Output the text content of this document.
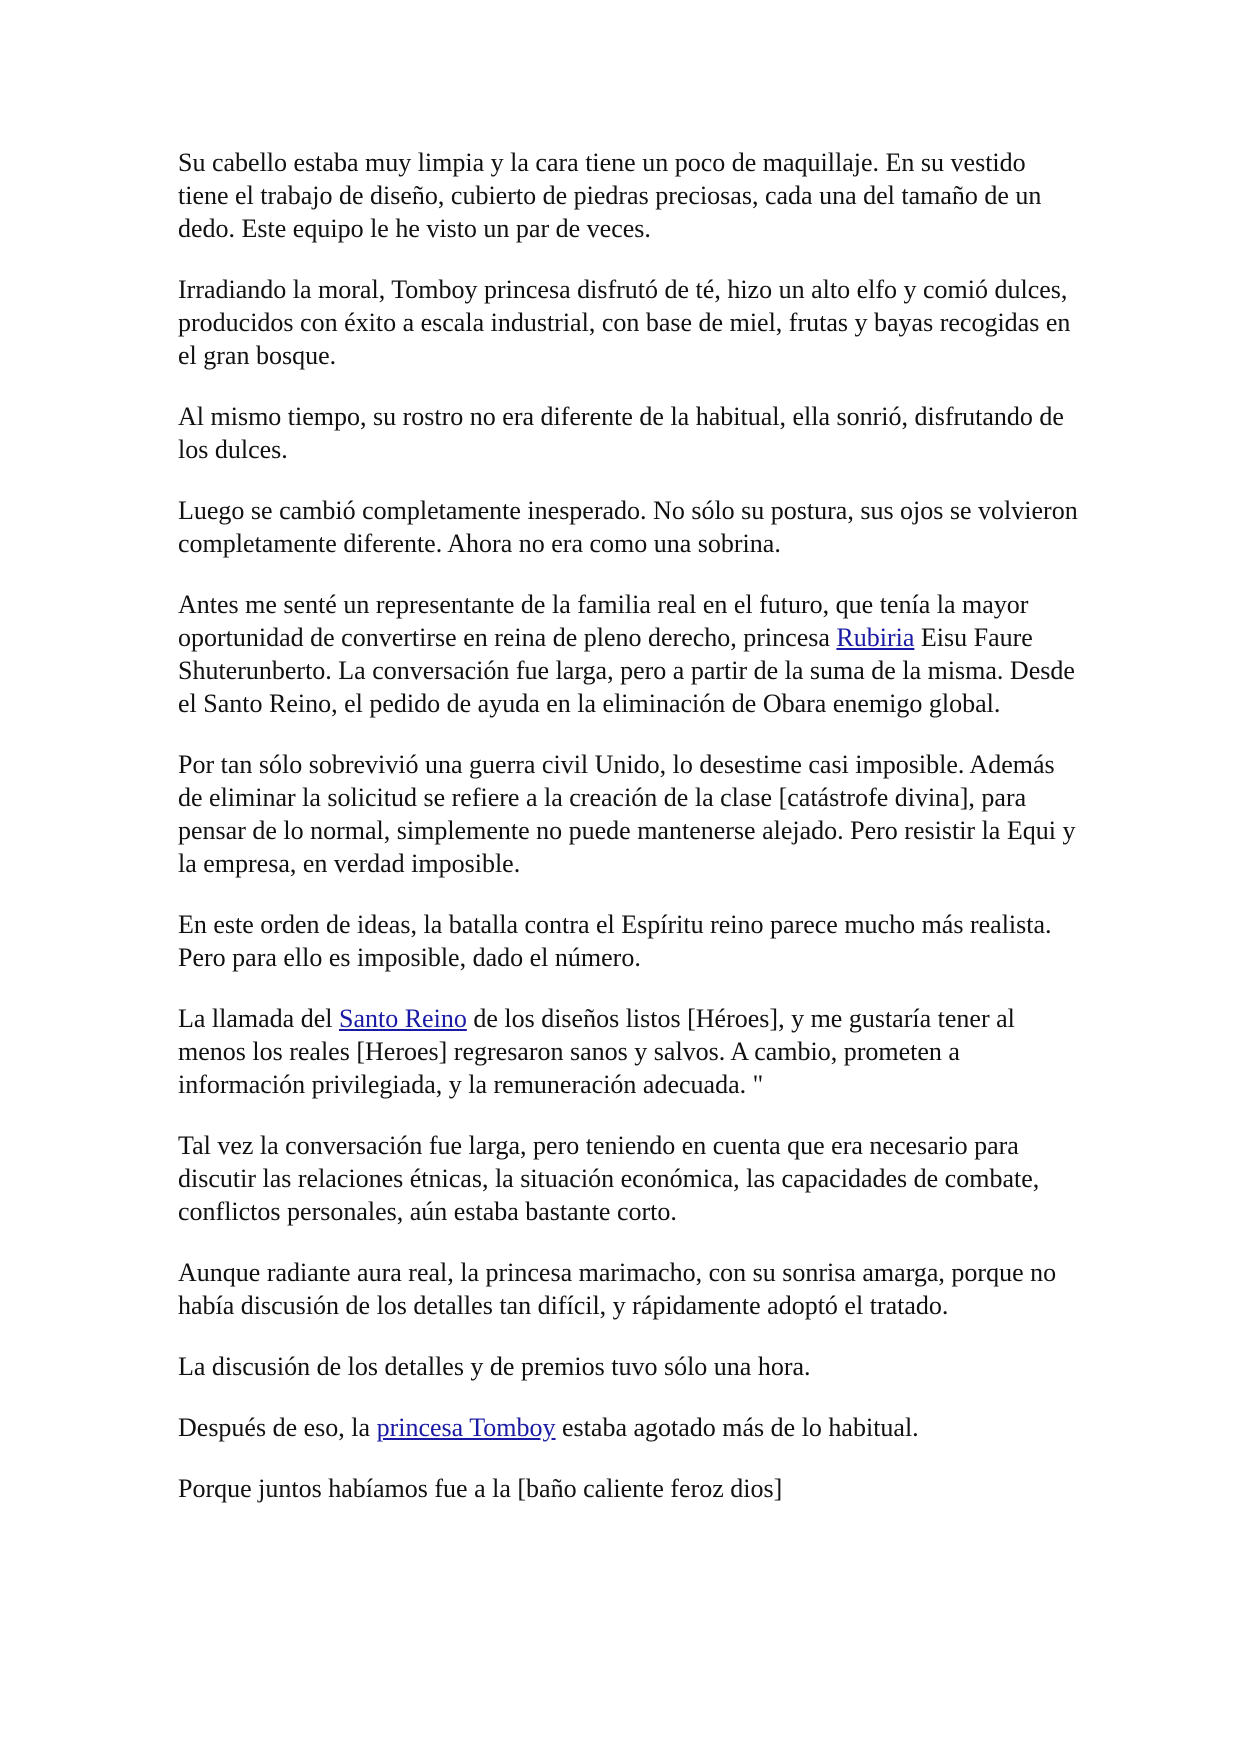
Su cabello estaba muy limpia y la cara tiene un poco de maquillaje. En su vestido tiene el trabajo de diseño, cubierto de piedras preciosas, cada una del tamaño de un dedo. Este equipo le he visto un par de veces.

Irradiando la moral, Tomboy princesa disfrutó de té, hizo un alto elfo y comió dulces, producidos con éxito a escala industrial, con base de miel, frutas y bayas recogidas en el gran bosque.

Al mismo tiempo, su rostro no era diferente de la habitual, ella sonrió, disfrutando de los dulces.

Luego se cambió completamente inesperado. No sólo su postura, sus ojos se volvieron completamente diferente. Ahora no era como una sobrina.

Antes me senté un representante de la familia real en el futuro, que tenía la mayor oportunidad de convertirse en reina de pleno derecho, princesa Rubiria Eisu Faure Shuterunberto. La conversación fue larga, pero a partir de la suma de la misma. Desde el Santo Reino, el pedido de ayuda en la eliminación de Obara enemigo global.

Por tan sólo sobrevivió una guerra civil Unido, lo desestime casi imposible. Además de eliminar la solicitud se refiere a la creación de la clase [catástrofe divina], para pensar de lo normal, simplemente no puede mantenerse alejado. Pero resistir la Equi y la empresa, en verdad imposible.

En este orden de ideas, la batalla contra el Espíritu reino parece mucho más realista. Pero para ello es imposible, dado el número.

La llamada del Santo Reino de los diseños listos [Héroes], y me gustaría tener al menos los reales [Heroes] regresaron sanos y salvos. A cambio, prometen a información privilegiada, y la remuneración adecuada. "

Tal vez la conversación fue larga, pero teniendo en cuenta que era necesario para discutir las relaciones étnicas, la situación económica, las capacidades de combate, conflictos personales, aún estaba bastante corto.

Aunque radiante aura real, la princesa marimacho, con su sonrisa amarga, porque no había discusión de los detalles tan difícil, y rápidamente adoptó el tratado.

La discusión de los detalles y de premios tuvo sólo una hora.

Después de eso, la princesa Tomboy estaba agotado más de lo habitual.

Porque juntos habíamos fue a la [baño caliente feroz dios]
